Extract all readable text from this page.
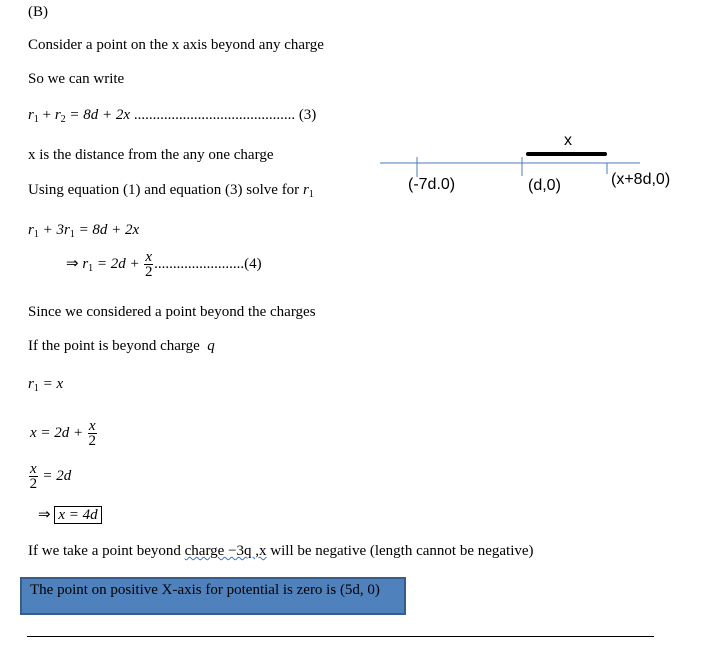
(B)
Consider a point on the x axis beyond any charge
So we can write
$r_1 + r_2 = 8d + 2x$ ........................................... (3)
x is the distance from the any one charge
Using equation (1) and equation (3) solve for $r_1$
$r_1 + 3r_1 = 8d + 2x$
⇒ $r_1 = 2d + \frac{x}{2} ........................(4)$
Since we considered a point beyond the charges
If the point is beyond charge q
$r_1 = x$
$x = 2d + \frac{x}{2}$
$\frac{x}{2} = 2d$
⇒ x = 4d
If we take a point beyond charge −3q ,x will be negative (length cannot be negative)
The point on positive X-axis for potential is zero is (5d, 0)
x
(-7d.0)	(d,0)	(x+8d,0)
